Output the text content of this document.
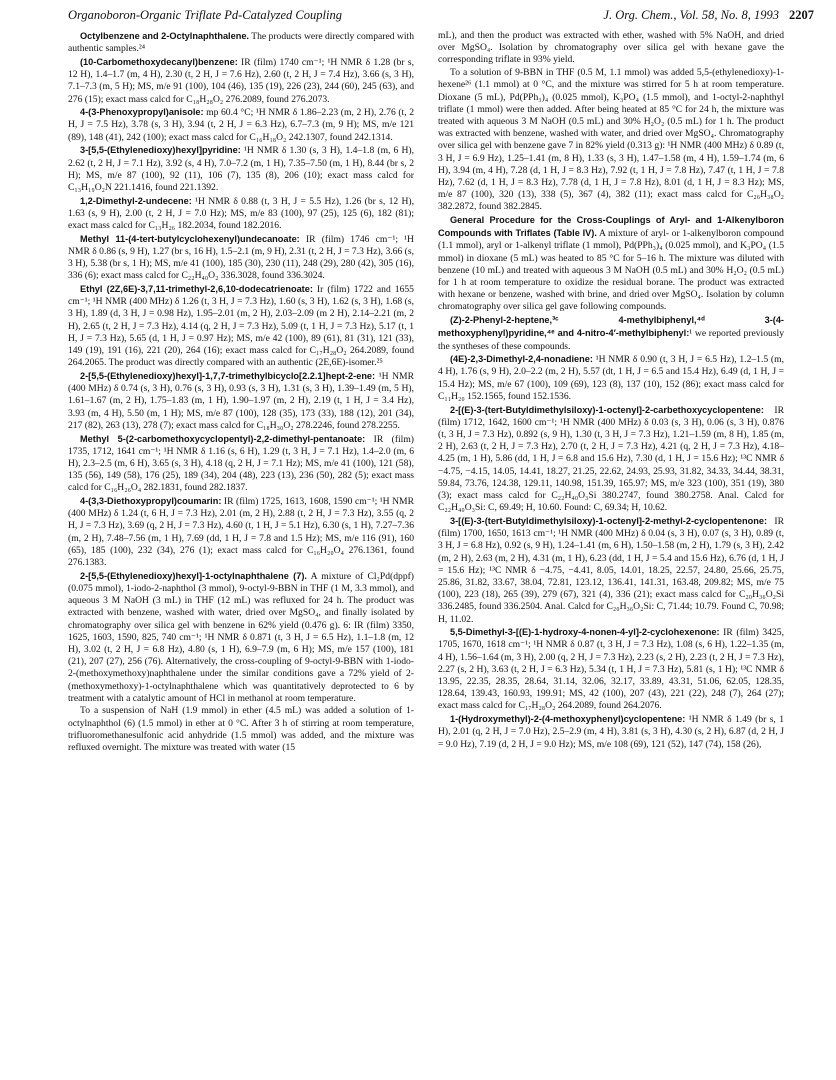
Organoboron-Organic Triflate Pd-Catalyzed Coupling	J. Org. Chem., Vol. 58, No. 8, 1993 2207

Octylbenzene and 2-Octylnaphthalene. The products were directly compared with authentic samples.²⁴

(10-Carbomethoxydecanyl)benzene: IR (film) 1740 cm⁻¹; ¹H NMR δ 1.28 (br s, 12 H), 1.4–1.7 (m, 4 H), 2.30 (t, 2 H, J = 7.6 Hz), 2.60 (t, 2 H, J = 7.4 Hz), 3.66 (s, 3 H), 7.1–7.3 (m, 5 H); MS, m/e 91 (100), 104 (46), 135 (19), 226 (23), 244 (60), 245 (63), and 276 (15); exact mass calcd for C₁₈H₂₈O₂ 276.2089, found 276.2073.

4-(3-Phenoxypropyl)anisole: mp 60.4 °C; ¹H NMR δ 1.86–2.23 (m, 2 H), 2.76 (t, 2 H, J = 7.5 Hz), 3.78 (s, 3 H), 3.94 (t, 2 H, J = 6.3 Hz), 6.7–7.3 (m, 9 H); MS, m/e 121 (89), 148 (41), 242 (100); exact mass calcd for C₁₆H₁₈O₂ 242.1307, found 242.1314.

3-[5,5-(Ethylenedioxy)hexyl]pyridine: ¹H NMR δ 1.30 (s, 3 H), 1.4–1.8 (m, 6 H), 2.62 (t, 2 H, J = 7.1 Hz), 3.92 (s, 4 H), 7.0–7.2 (m, 1 H), 7.35–7.50 (m, 1 H), 8.44 (br s, 2 H); MS, m/e 87 (100), 92 (11), 106 (7), 135 (8), 206 (10); exact mass calcd for C₁₃H₁₉O₂N 221.1416, found 221.1392.

1,2-Dimethyl-2-undecene: ¹H NMR δ 0.88 (t, 3 H, J = 5.5 Hz), 1.26 (br s, 12 H), 1.63 (s, 9 H), 2.00 (t, 2 H, J = 7.0 Hz); MS, m/e 83 (100), 97 (25), 125 (6), 182 (81); exact mass calcd for C₁₃H₂₆ 182.2034, found 182.2016.

Methyl 11-(4-tert-butylcyclohexenyl)undecanoate: IR (film) 1746 cm⁻¹; ¹H NMR δ 0.86 (s, 9 H), 1.27 (br s, 16 H), 1.5–2.1 (m, 9 H), 2.31 (t, 2 H, J = 7.3 Hz), 3.66 (s, 3 H), 5.38 (br s, 1 H); MS, m/e 41 (100), 185 (30), 230 (11), 248 (29), 280 (42), 305 (16), 336 (6); exact mass calcd for C₂₂H₄₀O₂ 336.3028, found 336.3024.

Ethyl (2Z,6E)-3,7,11-trimethyl-2,6,10-dodecatrienoate: Ir (film) 1722 and 1655 cm⁻¹; ¹H NMR (400 MHz) δ 1.26 (t, 3 H, J = 7.3 Hz), 1.60 (s, 3 H), 1.62 (s, 3 H), 1.68 (s, 3 H), 1.89 (d, 3 H, J = 0.98 Hz), 1.95–2.01 (m, 2 H), 2.03–2.09 (m 2 H), 2.14–2.21 (m, 2 H), 2.65 (t, 2 H, J = 7.3 Hz), 4.14 (q, 2 H, J = 7.3 Hz), 5.09 (t, 1 H, J = 7.3 Hz), 5.17 (t, 1 H, J = 7.3 Hz), 5.65 (d, 1 H, J = 0.97 Hz); MS, m/e 42 (100), 89 (61), 81 (31), 121 (33), 149 (19), 191 (16), 221 (20), 264 (16); exact mass calcd for C₁₇H₂₈O₂ 264.2089, found 264.2065. The product was directly compared with an authentic (2E,6E)-isomer.²⁵

2-[5,5-(Ethylenedioxy)hexyl]-1,7,7-trimethylbicyclo[2.2.1]hept-2-ene: ¹H NMR (400 MHz) δ 0.74 (s, 3 H), 0.76 (s, 3 H), 0.93 (s, 3 H), 1.31 (s, 3 H), 1.39–1.49 (m, 5 H), 1.61–1.67 (m, 2 H), 1.75–1.83 (m, 1 H), 1.90–1.97 (m, 2 H), 2.19 (t, 1 H, J = 3.4 Hz), 3.93 (m, 4 H), 5.50 (m, 1 H); MS, m/e 87 (100), 128 (35), 173 (33), 188 (12), 201 (34), 217 (82), 263 (13), 278 (7); exact mass calcd for C₁₈H₃₀O₂ 278.2246, found 278.2255.

Methyl 5-(2-carbomethoxycyclopentyl)-2,2-dimethyl-pentanoate: IR (film) 1735, 1712, 1641 cm⁻¹; ¹H NMR δ 1.16 (s, 6 H), 1.29 (t, 3 H, J = 7.1 Hz), 1.4–2.0 (m, 6 H), 2.3–2.5 (m, 6 H), 3.65 (s, 3 H), 4.18 (q, 2 H, J = 7.1 Hz); MS, m/e 41 (100), 121 (58), 135 (56), 149 (58), 176 (25), 189 (34), 204 (48), 223 (13), 236 (50), 282 (5); exact mass calcd for C₁₆H₂₆O₄ 282.1831, found 282.1837.

4-(3,3-Diethoxypropyl)coumarin: IR (film) 1725, 1613, 1608, 1590 cm⁻¹; ¹H NMR (400 MHz) δ 1.24 (t, 6 H, J = 7.3 Hz), 2.01 (m, 2 H), 2.88 (t, 2 H, J = 7.3 Hz), 3.55 (q, 2 H, J = 7.3 Hz), 3.69 (q, 2 H, J = 7.3 Hz), 4.60 (t, 1 H, J = 5.1 Hz), 6.30 (s, 1 H), 7.27–7.36 (m, 2 H), 7.48–7.56 (m, 1 H), 7.69 (dd, 1 H, J = 7.8 and 1.5 Hz); MS, m/e 116 (91), 160 (65), 185 (100), 232 (34), 276 (1); exact mass calcd for C₁₆H₂₀O₄ 276.1361, found 276.1383.

2-[5,5-(Ethylenedioxy)hexyl]-1-octylnaphthalene (7). A mixture of Cl₂Pd(dppf) (0.075 mmol), 1-iodo-2-naphthol (3 mmol), 9-octyl-9-BBN in THF (1 M, 3.3 mmol), and aqueous 3 M NaOH (3 mL) in THF (12 mL) was refluxed for 24 h. The product was extracted with benzene, washed with water, dried over MgSO₄, and finally isolated by chromatography over silica gel with benzene in 62% yield (0.476 g). 6: IR (film) 3350, 1625, 1603, 1590, 825, 740 cm⁻¹; ¹H NMR δ 0.871 (t, 3 H, J = 6.5 Hz), 1.1–1.8 (m, 12 H), 3.02 (t, 2 H, J = 6.8 Hz), 4.80 (s, 1 H), 6.9–7.9 (m, 6 H); MS, m/e 157 (100), 181 (21), 207 (27), 256 (76). Alternatively, the cross-coupling of 9-octyl-9-BBN with 1-iodo-2-(methoxymethoxy)naphthalene under the similar conditions gave a 72% yield of 2-(methoxymethoxy)-1-octylnaphthalene which was quantitatively deprotected to 6 by treatment with a catalytic amount of HCl in methanol at room temperature.

To a suspension of NaH (1.9 mmol) in ether (4.5 mL) was added a solution of 1-octylnaphthol (6) (1.5 mmol) in ether at 0 °C. After 3 h of stirring at room temperature, trifluoromethanesulfonic acid anhydride (1.5 mmol) was added, and the mixture was refluxed overnight. The mixture was treated with water (15

mL), and then the product was extracted with ether, washed with 5% NaOH, and dried over MgSO₄. Isolation by chromatography over silica gel with hexane gave the corresponding triflate in 93% yield.

To a solution of 9-BBN in THF (0.5 M, 1.1 mmol) was added 5,5-(ethylenedioxy)-1-hexene²⁶ (1.1 mmol) at 0 °C, and the mixture was stirred for 5 h at room temperature. Dioxane (5 mL), Pd(PPh₃)₄ (0.025 mmol), K₃PO₄ (1.5 mmol), and 1-octyl-2-naphthyl triflate (1 mmol) were then added. After being heated at 85 °C for 24 h, the mixture was treated with aqueous 3 M NaOH (0.5 mL) and 30% H₂O₂ (0.5 mL) for 1 h. The product was extracted with benzene, washed with water, and dried over MgSO₄. Chromatography over silica gel with benzene gave 7 in 82% yield (0.313 g): ¹H NMR (400 MHz) δ 0.89 (t, 3 H, J = 6.9 Hz), 1.25–1.41 (m, 8 H), 1.33 (s, 3 H), 1.47–1.58 (m, 4 H), 1.59–1.74 (m, 6 H), 3.94 (m, 4 H), 7.28 (d, 1 H, J = 8.3 Hz), 7.92 (t, 1 H, J = 7.8 Hz), 7.47 (t, 1 H, J = 7.8 Hz), 7.62 (d, 1 H, J = 8.3 Hz), 7.78 (d, 1 H, J = 7.8 Hz), 8.01 (d, 1 H, J = 8.3 Hz); MS, m/e 87 (100), 320 (13), 338 (5), 367 (4), 382 (11); exact mass calcd for C₂₆H₃₈O₂ 382.2872, found 382.2845.

General Procedure for the Cross-Couplings of Aryl- and 1-Alkenylboron Compounds with Triflates (Table IV). A mixture of aryl- or 1-alkenylboron compound (1.1 mmol), aryl or 1-alkenyl triflate (1 mmol), Pd(PPh₃)₄ (0.025 mmol), and K₃PO₄ (1.5 mmol) in dioxane (5 mL) was heated to 85 °C for 5–16 h. The mixture was diluted with benzene (10 mL) and treated with aqueous 3 M NaOH (0.5 mL) and 30% H₂O₂ (0.5 mL) for 1 h at room temperature to oxidize the residual borane. The product was extracted with hexane or benzene, washed with brine, and dried over MgSO₄. Isolation by column chromatography over silica gel gave following compounds.

(Z)-2-Phenyl-2-heptene,³ᶜ 4-methylbiphenyl,⁴ᵈ 3-(4-methoxyphenyl)pyridine,⁴ᵉ and 4-nitro-4′-methylbiphenyl:¹ we reported previously the syntheses of these compounds.

(4E)-2,3-Dimethyl-2,4-nonadiene: ¹H NMR δ 0.90 (t, 3 H, J = 6.5 Hz), 1.2–1.5 (m, 4 H), 1.76 (s, 9 H), 2.0–2.2 (m, 2 H), 5.57 (dt, 1 H, J = 6.5 and 15.4 Hz), 6.49 (d, 1 H, J = 15.4 Hz); MS, m/e 67 (100), 109 (69), 123 (8), 137 (10), 152 (86); exact mass calcd for C₁₁H₂₀ 152.1565, found 152.1536.

2-[(E)-3-(tert-Butyldimethylsiloxy)-1-octenyl]-2-carbethoxycyclopentene: IR (film) 1712, 1642, 1600 cm⁻¹; ¹H NMR (400 MHz) δ 0.03 (s, 3 H), 0.06 (s, 3 H), 0.876 (t, 3 H, J = 7.3 Hz), 0.892 (s, 9 H), 1.30 (t, 3 H, J = 7.3 Hz), 1.21–1.59 (m, 8 H), 1.85 (m, 2 H), 2.63 (t, 2 H, J = 7.3 Hz), 2.70 (t, 2 H, J = 7.3 Hz), 4.21 (q, 2 H, J = 7.3 Hz), 4.18–4.25 (m, 1 H), 5.86 (dd, 1 H, J = 6.8 and 15.6 Hz), 7.30 (d, 1 H, J = 15.6 Hz); ¹³C NMR δ −4.75, −4.15, 14.05, 14.41, 18.27, 21.25, 22.62, 24.93, 25.93, 31.82, 34.33, 34.44, 38.31, 59.84, 73.76, 124.38, 129.11, 140.98, 151.39, 165.97; MS, m/e 323 (100), 351 (19), 380 (3); exact mass calcd for C₂₂H₄₀O₃Si 380.2747, found 380.2758. Anal. Calcd for C₂₂H₄₀O₃Si: C, 69.49; H, 10.60. Found: C, 69.34; H, 10.62.

3-[(E)-3-(tert-Butyldimethylsiloxy)-1-octenyl]-2-methyl-2-cyclopentenone: IR (film) 1700, 1650, 1613 cm⁻¹; ¹H NMR (400 MHz) δ 0.04 (s, 3 H), 0.07 (s, 3 H), 0.89 (t, 3 H, J = 6.8 Hz), 0.92 (s, 9 H), 1.24–1.41 (m, 6 H), 1.50–1.58 (m, 2 H), 1.79 (s, 3 H), 2.42 (m, 2 H), 2.63 (m, 2 H), 4.31 (m, 1 H), 6.23 (dd, 1 H, J = 5.4 and 15.6 Hz), 6.76 (d, 1 H, J = 15.6 Hz); ¹³C NMR δ −4.75, −4.41, 8.05, 14.01, 18.25, 22.57, 24.80, 25.66, 25.75, 25.86, 31.82, 33.67, 38.04, 72.81, 123.12, 136.41, 141.31, 163.48, 209.82; MS, m/e 75 (100), 223 (18), 265 (39), 279 (67), 321 (4), 336 (21); exact mass calcd for C₂₀H₃₆O₂Si 336.2485, found 336.2504. Anal. Calcd for C₂₀H₃₆O₂Si: C, 71.44; 10.79. Found C, 70.98; H, 11.02.

5,5-Dimethyl-3-[(E)-1-hydroxy-4-nonen-4-yl]-2-cyclohexenone: IR (film) 3425, 1705, 1670, 1618 cm⁻¹; ¹H NMR δ 0.87 (t, 3 H, J = 7.3 Hz), 1.08 (s, 6 H), 1.22–1.35 (m, 4 H), 1.56–1.64 (m, 3 H), 2.00 (q, 2 H, J = 7.3 Hz), 2.23 (s, 2 H), 2.23 (t, 2 H, J = 7.3 Hz), 2.27 (s, 2 H), 3.63 (t, 2 H, J = 6.3 Hz), 5.34 (t, 1 H, J = 7.3 Hz), 5.81 (s, 1 H); ¹³C NMR δ 13.95, 22.35, 28.35, 28.64, 31.14, 32.06, 32.17, 33.89, 43.31, 51.06, 62.05, 128.35, 128.64, 139.43, 160.93, 199.91; MS, 42 (100), 207 (43), 221 (22), 248 (7), 264 (27); exact mass calcd for C₁₇H₂₈O₂ 264.2089, found 264.2076.

1-(Hydroxymethyl)-2-(4-methoxyphenyl)cyclopentene: ¹H NMR δ 1.49 (br s, 1 H), 2.01 (q, 2 H, J = 7.0 Hz), 2.5–2.9 (m, 4 H), 3.81 (s, 3 H), 4.30 (s, 2 H), 6.87 (d, 2 H, J = 9.0 Hz), 7.19 (d, 2 H, J = 9.0 Hz); MS, m/e 108 (69), 121 (52), 147 (74), 158 (26),
